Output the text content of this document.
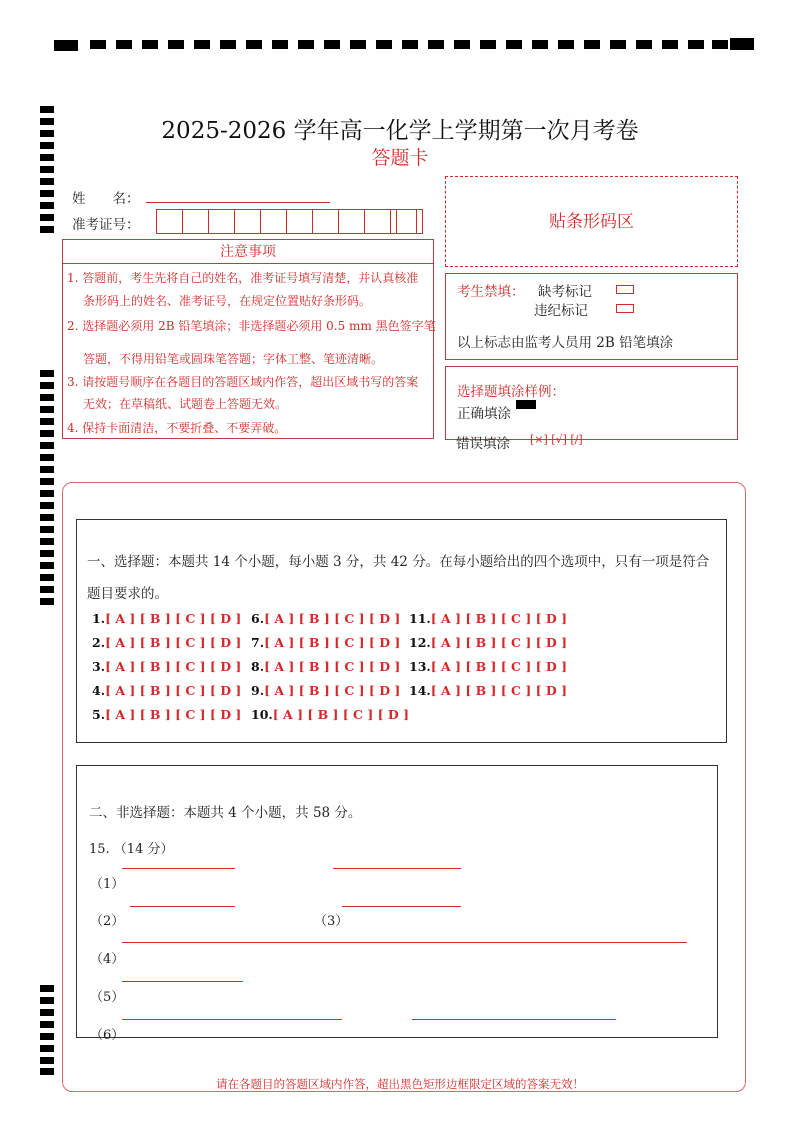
2025-2026 学年高一化学上学期第一次月考卷
答题卡
姓　　名：
准考证号：	贴条形码区
注意事项
1. 答题前，考生先将自己的姓名，准考证号填写清楚，并认真核准
条形码上的姓名、准考证号，在规定位置贴好条形码。
2. 选择题必须用 2B 铅笔填涂；非选择题必须用 0.5 mm 黑色签字笔
答题，不得用铅笔或圆珠笔答题；字体工整、笔迹清晰。
3. 请按题号顺序在各题目的答题区域内作答，超出区域书写的答案
无效；在草稿纸、试题卷上答题无效。
4. 保持卡面清洁，不要折叠、不要弄破。
考生禁填： 缺考标记
违纪标记
以上标志由监考人员用 2B 铅笔填涂
选择题填涂样例：
正确填涂
错误填涂 [×] [√] [/]
一、选择题：本题共 14 个小题，每小题 3 分，共 42 分。在每小题给出的四个选项中，只有一项是符合
题目要求的。
1.[ A ] [ B ] [ C ] [ D ]
2.[ A ] [ B ] [ C ] [ D ]
3.[ A ] [ B ] [ C ] [ D ]
4.[ A ] [ B ] [ C ] [ D ]
5.[ A ] [ B ] [ C ] [ D ]
6.[ A ] [ B ] [ C ] [ D ]
7.[ A ] [ B ] [ C ] [ D ]
8.[ A ] [ B ] [ C ] [ D ]
9.[ A ] [ B ] [ C ] [ D ]
10.[ A ] [ B ] [ C ] [ D ]
11.[ A ] [ B ] [ C ] [ D ]
12.[ A ] [ B ] [ C ] [ D ]
13.[ A ] [ B ] [ C ] [ D ]
14.[ A ] [ B ] [ C ] [ D ]
二、非选择题：本题共 4 个小题，共 58 分。
15. （14 分）
（1）
（2）	（3）
（4）
（5）
（6）
请在各题目的答题区域内作答，超出黑色矩形边框限定区域的答案无效！
